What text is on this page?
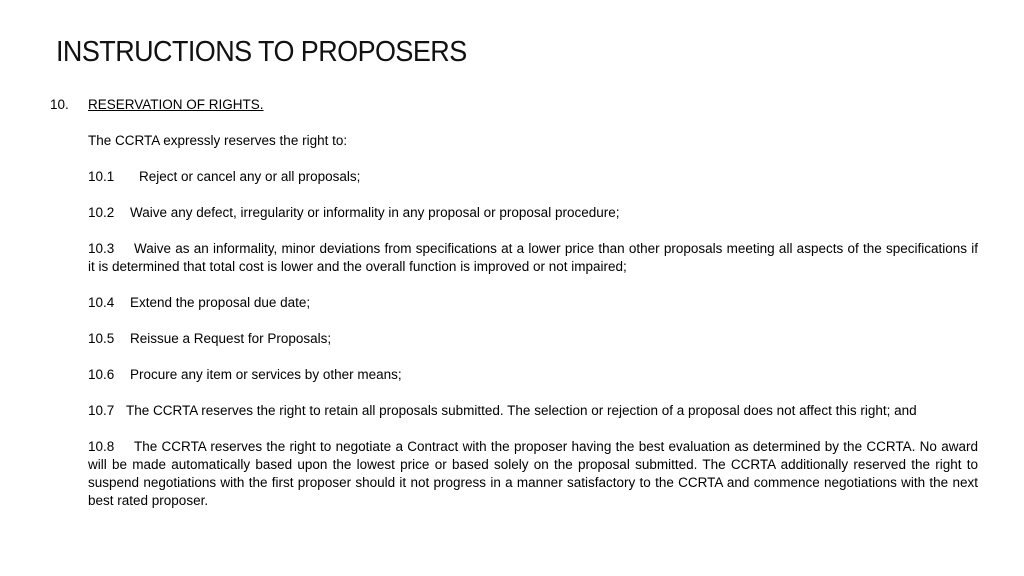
INSTRUCTIONS TO PROPOSERS
10. RESERVATION OF RIGHTS.

The CCRTA expressly reserves the right to:

10.1 Reject or cancel any or all proposals;

10.2 Waive any defect, irregularity or informality in any proposal or proposal procedure;

10.3 Waive as an informality, minor deviations from specifications at a lower price than other proposals meeting all aspects of the specifications if it is determined that total cost is lower and the overall function is improved or not impaired;

10.4 Extend the proposal due date;

10.5 Reissue a Request for Proposals;

10.6 Procure any item or services by other means;

10.7 The CCRTA reserves the right to retain all proposals submitted. The selection or rejection of a proposal does not affect this right; and

10.8 The CCRTA reserves the right to negotiate a Contract with the proposer having the best evaluation as determined by the CCRTA. No award will be made automatically based upon the lowest price or based solely on the proposal submitted. The CCRTA additionally reserved the right to suspend negotiations with the first proposer should it not progress in a manner satisfactory to the CCRTA and commence negotiations with the next best rated proposer.
